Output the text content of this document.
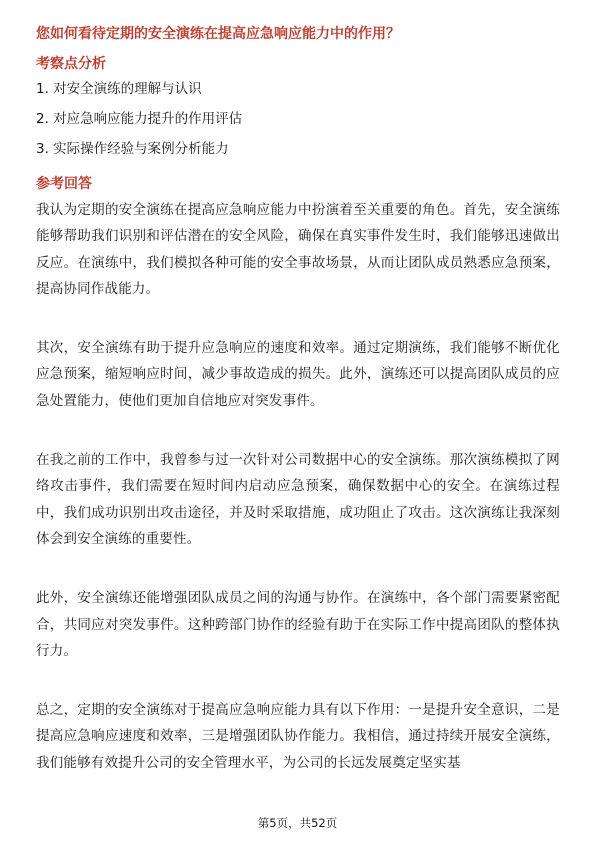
您如何看待定期的安全演练在提高应急响应能力中的作用？
考察点分析
1. 对安全演练的理解与认识
2. 对应急响应能力提升的作用评估
3. 实际操作经验与案例分析能力
参考回答

我认为定期的安全演练在提高应急响应能力中扮演着至关重要的角色。首先，安全演练能够帮助我们识别和评估潜在的安全风险，确保在真实事件发生时，我们能够迅速做出反应。在演练中，我们模拟各种可能的安全事故场景，从而让团队成员熟悉应急预案，提高协同作战能力。

其次，安全演练有助于提升应急响应的速度和效率。通过定期演练，我们能够不断优化应急预案，缩短响应时间，减少事故造成的损失。此外，演练还可以提高团队成员的应急处置能力，使他们更加自信地应对突发事件。

在我之前的工作中，我曾参与过一次针对公司数据中心的安全演练。那次演练模拟了网络攻击事件，我们需要在短时间内启动应急预案，确保数据中心的安全。在演练过程中，我们成功识别出攻击途径，并及时采取措施，成功阻止了攻击。这次演练让我深刻体会到安全演练的重要性。

此外，安全演练还能增强团队成员之间的沟通与协作。在演练中，各个部门需要紧密配合，共同应对突发事件。这种跨部门协作的经验有助于在实际工作中提高团队的整体执行力。

总之，定期的安全演练对于提高应急响应能力具有以下作用：一是提升安全意识，二是提高应急响应速度和效率，三是增强团队协作能力。我相信，通过持续开展安全演练，我们能够有效提升公司的安全管理水平，为公司的长远发展奠定坚实基

第5页，共52页
